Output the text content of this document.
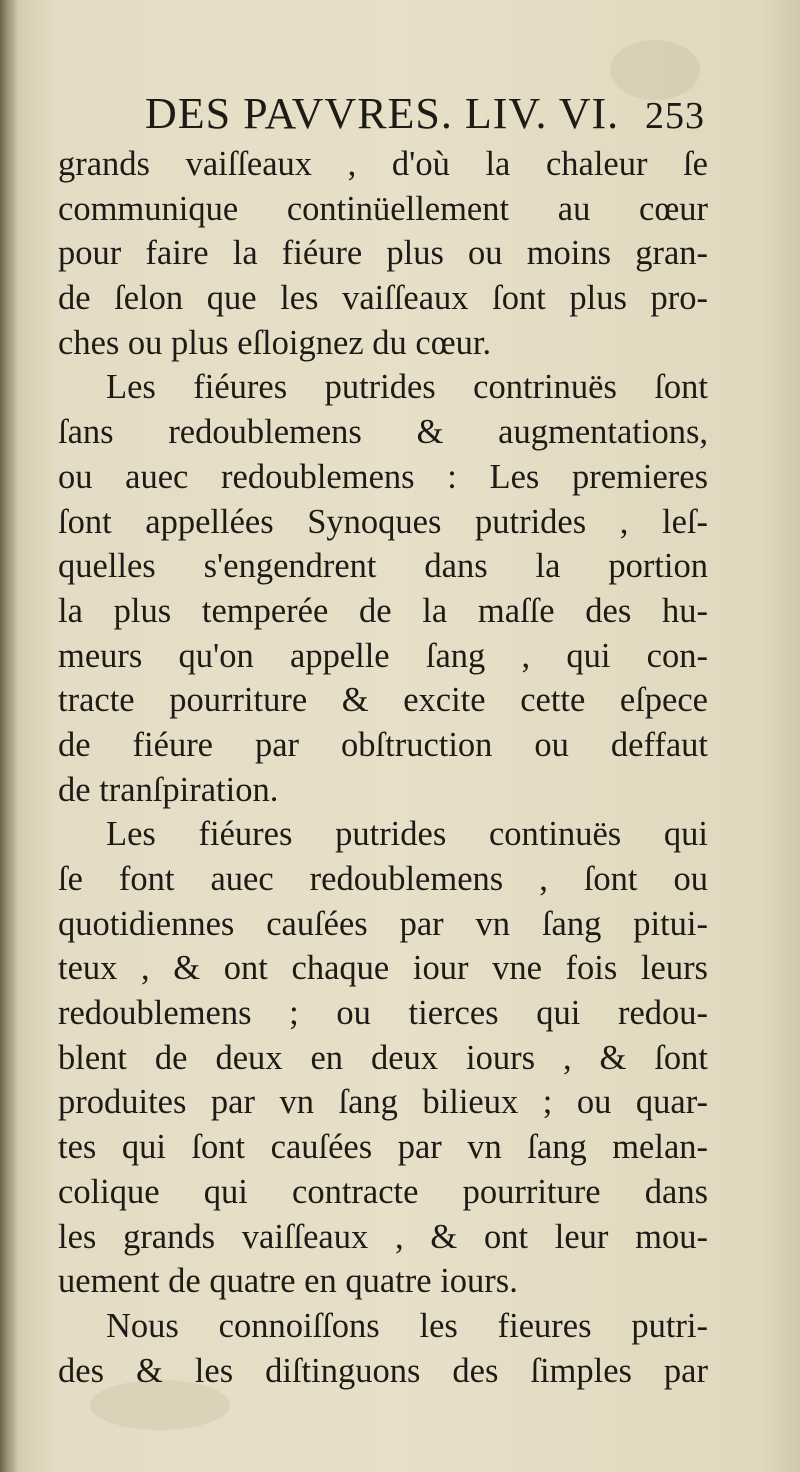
DES PAVVRES. LIV. VI. 253
grands vaiſſeaux , d'où la chaleur ſe
communique continüellement au cœur
pour faire la fiéure plus ou moins gran-
de ſelon que les vaiſſeaux ſont plus pro-
ches ou plus eſloignez du cœur.
Les fiéures putrides contrinuës ſont
ſans redoublemens & augmentations,
ou auec redoublemens : Les premieres
ſont appellées Synoques putrides , leſ-
quelles s'engendrent dans la portion
la plus temperée de la maſſe des hu-
meurs qu'on appelle ſang , qui con-
tracte pourriture & excite cette eſpece
de fiéure par obſtruction ou deffaut
de tranſpiration.
Les fiéures putrides continuës qui
ſe font auec redoublemens , ſont ou
quotidiennes cauſées par vn ſang pitui-
teux , & ont chaque iour vne fois leurs
redoublemens ; ou tierces qui redou-
blent de deux en deux iours , & ſont
produites par vn ſang bilieux ; ou quar-
tes qui ſont cauſées par vn ſang melan-
colique qui contracte pourriture dans
les grands vaiſſeaux , & ont leur mou-
uement de quatre en quatre iours.
Nous connoiſſons les fieures putri-
des & les diſtinguons des ſimples par
